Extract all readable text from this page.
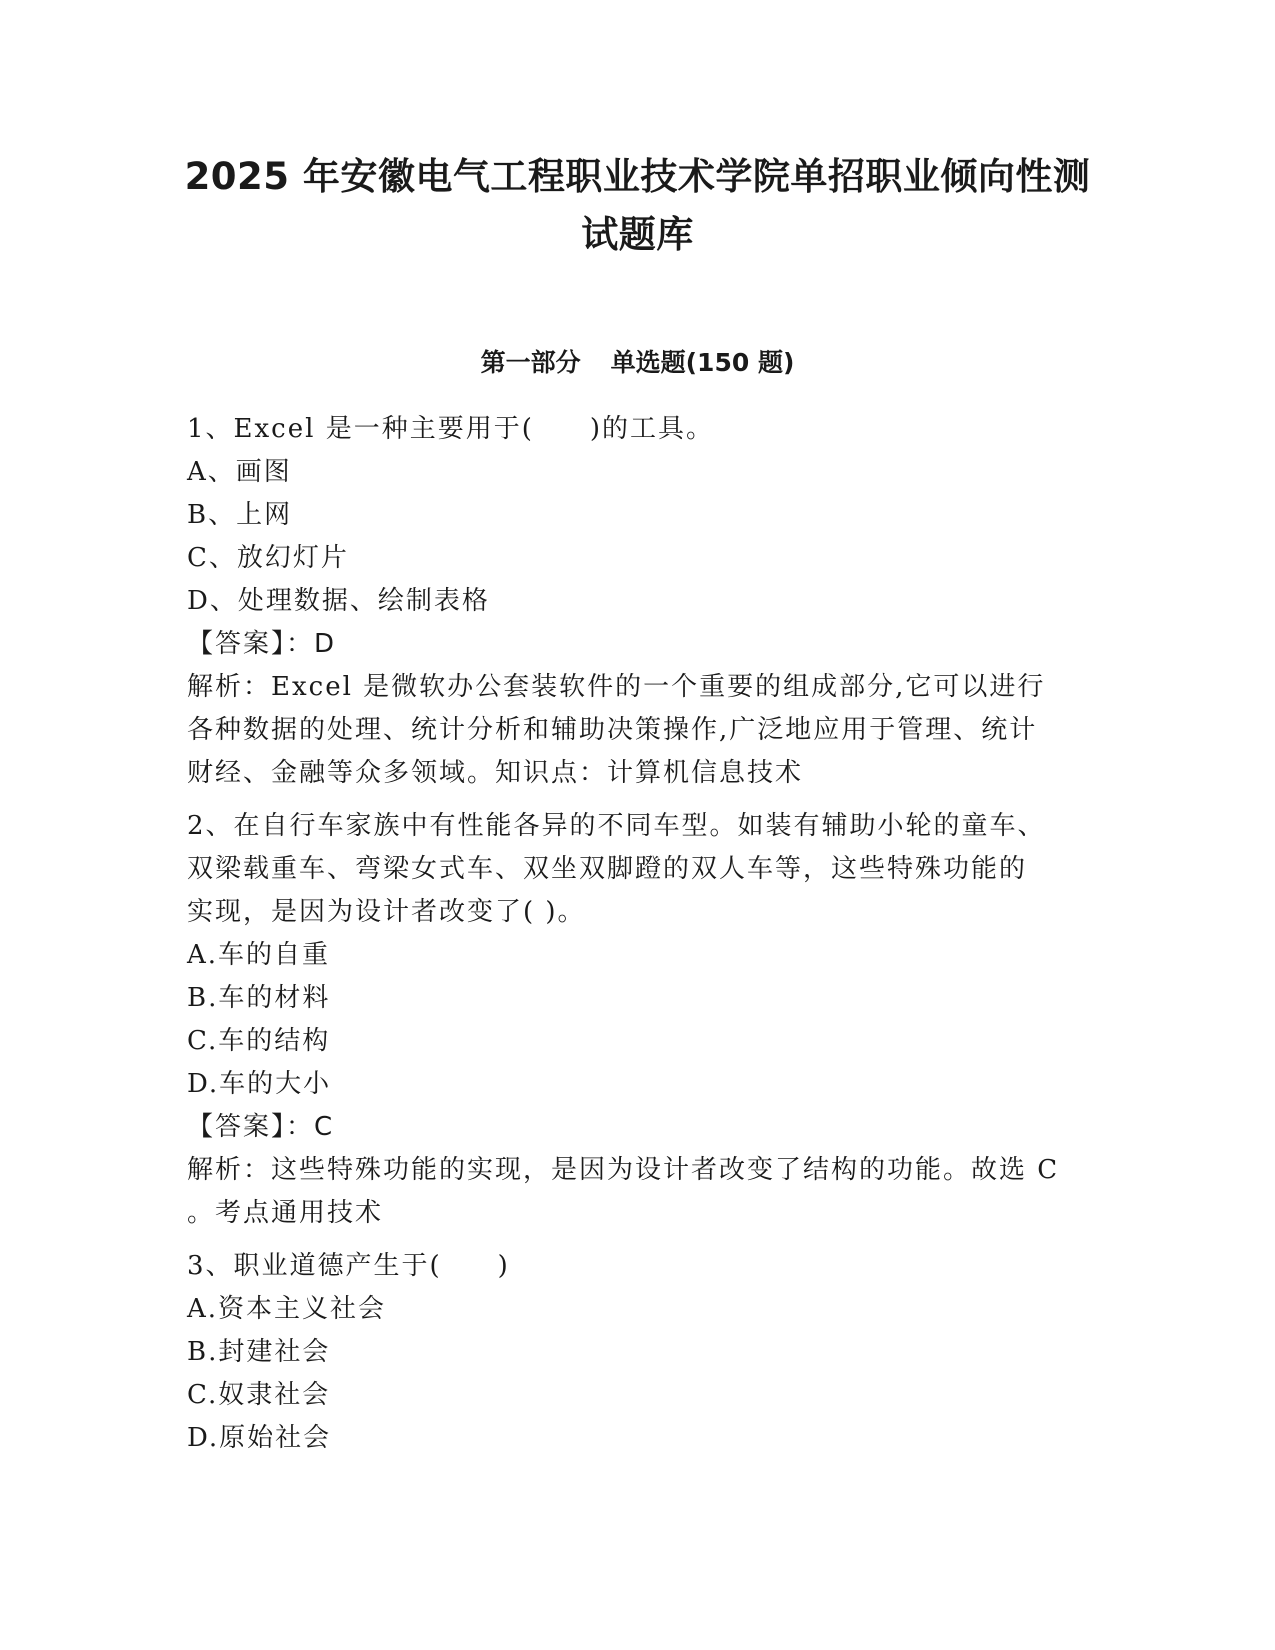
2025 年安徽电气工程职业技术学院单招职业倾向性测
试题库
第一部分 单选题(150 题)
1、Excel 是一种主要用于(　　)的工具。
A、画图
B、上网
C、放幻灯片
D、处理数据、绘制表格
【答案】：D
解析：Excel 是微软办公套装软件的一个重要的组成部分,它可以进行
各种数据的处理、统计分析和辅助决策操作,广泛地应用于管理、统计
财经、金融等众多领域。知识点：计算机信息技术
2、在自行车家族中有性能各异的不同车型。如装有辅助小轮的童车、
双梁载重车、弯梁女式车、双坐双脚蹬的双人车等，这些特殊功能的
实现，是因为设计者改变了( )。
A.车的自重
B.车的材料
C.车的结构
D.车的大小
【答案】：C
解析：这些特殊功能的实现，是因为设计者改变了结构的功能。故选 C
。考点通用技术
3、职业道德产生于(　　)
A.资本主义社会
B.封建社会
C.奴隶社会
D.原始社会
